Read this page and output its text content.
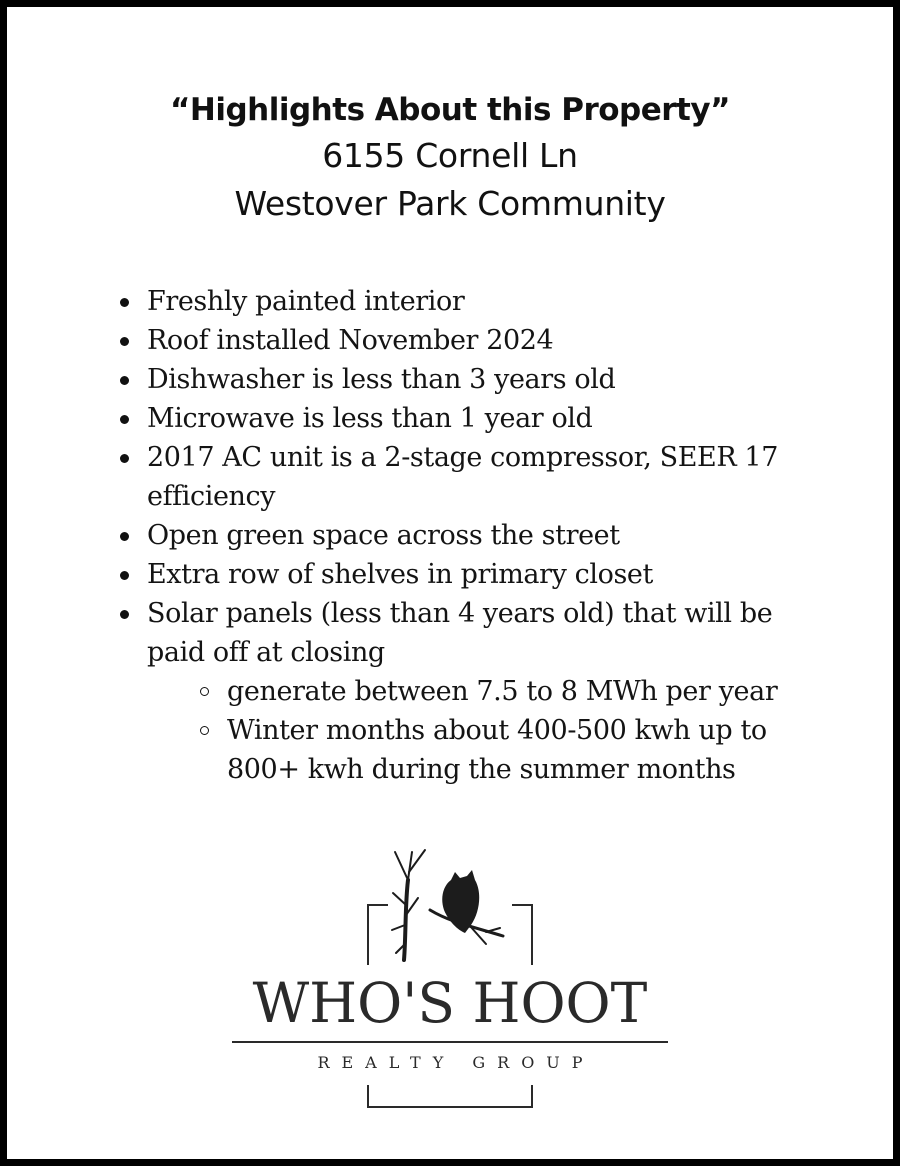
“Highlights About this Property”
6155 Cornell Ln
Westover Park Community
Freshly painted interior
Roof installed November 2024
Dishwasher is less than 3 years old
Microwave is less than 1 year old
2017 AC unit is a 2-stage compressor, SEER 17 efficiency
Open green space across the street
Extra row of shelves in primary closet
Solar panels (less than 4 years old) that will be paid off at closing
generate between 7.5 to 8 MWh per year
Winter months about 400-500 kwh up to 800+ kwh during the summer months
WHO'S HOOT
REALTY GROUP
